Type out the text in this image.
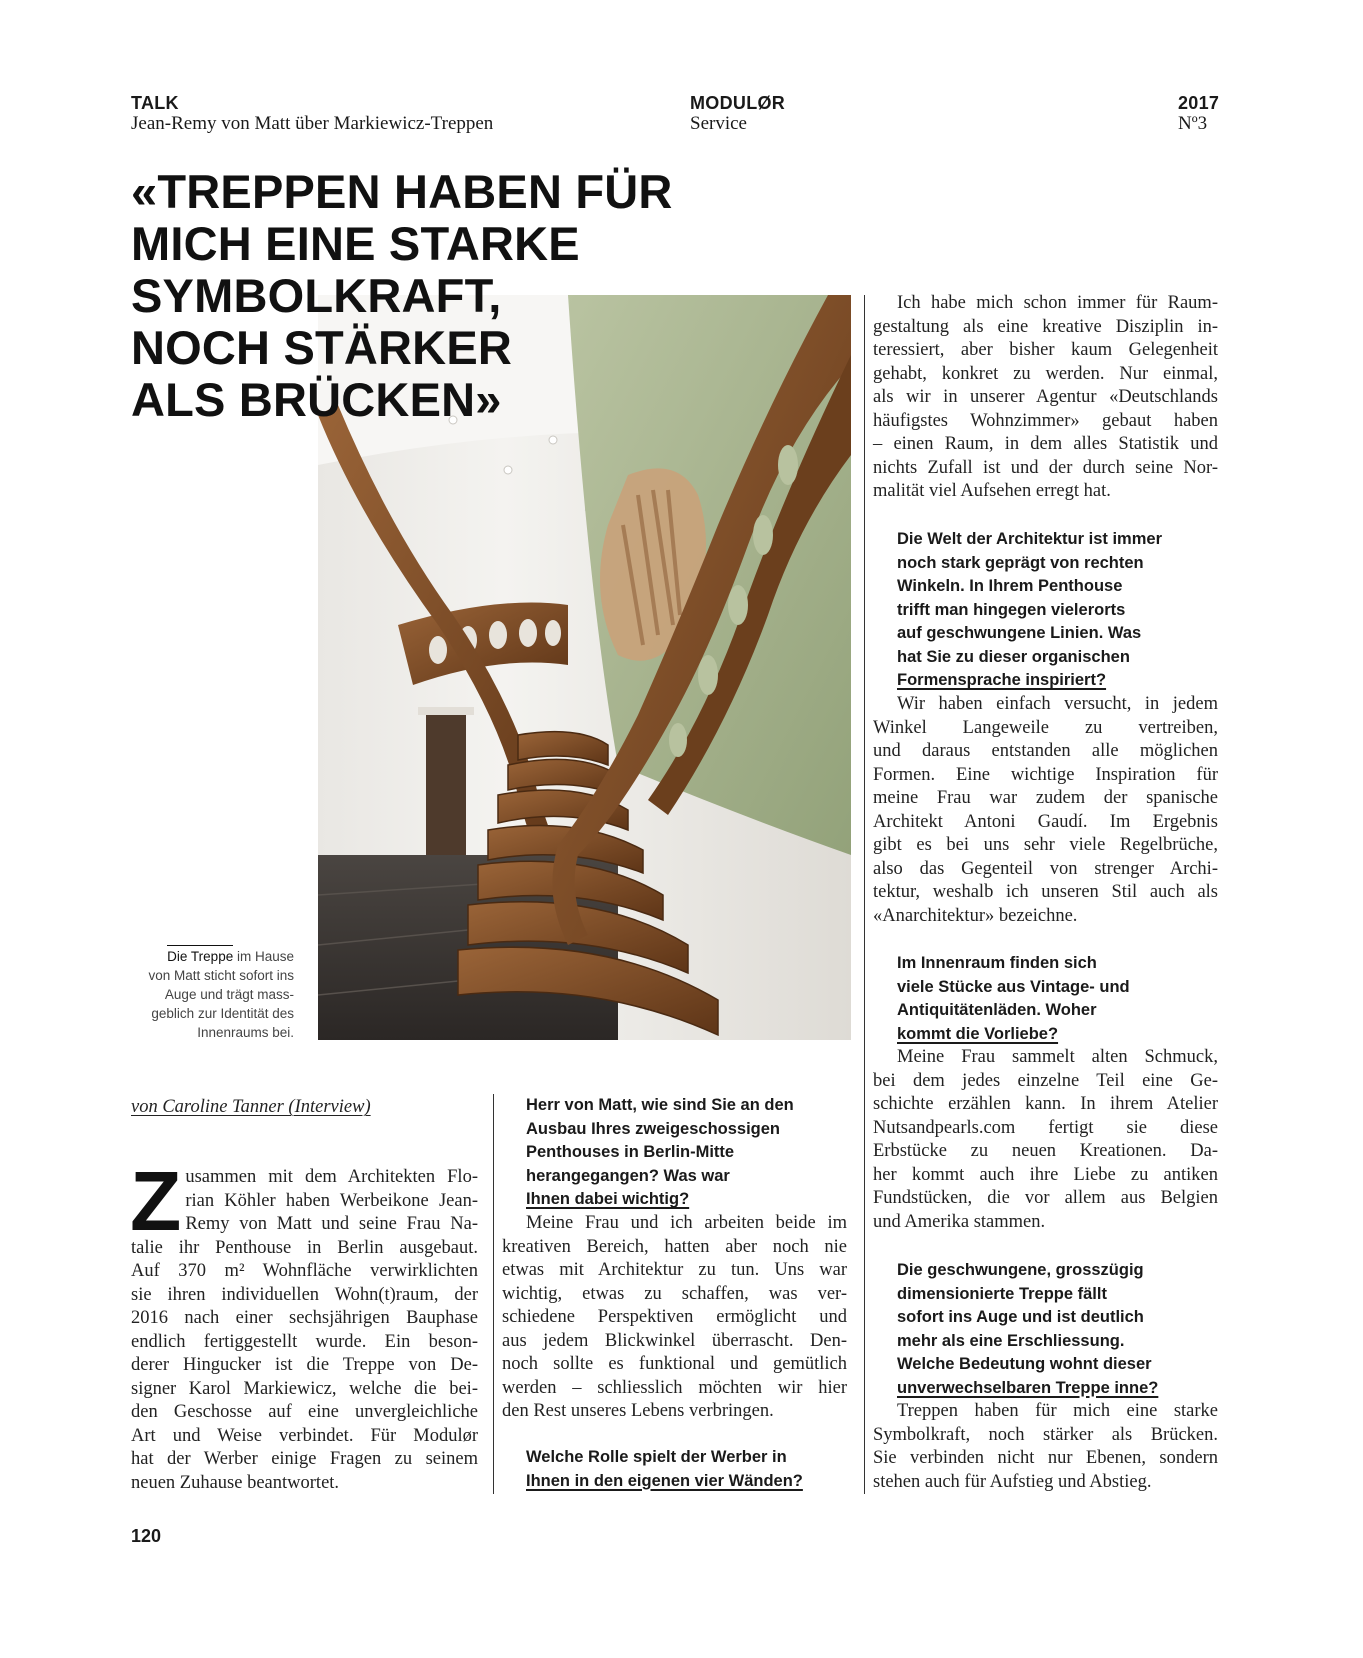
TALK
Jean-Remy von Matt über Markiewicz-Treppen
MODULØR
Service
2017
Nº3
«TREPPEN HABEN FÜR
MICH EINE STARKE
SYMBOLKRAFT,
NOCH STÄRKER
ALS BRÜCKEN»
Die Treppe im Hause
von Matt sticht sofort ins
Auge und trägt mass-
geblich zur Identität des
Innenraums bei.
von Caroline Tanner (Interview)
Z usammen mit dem Architekten Flo-
rian Köhler haben Werbeikone Jean-
Remy von Matt und seine Frau Na-
talie ihr Penthouse in Berlin ausgebaut.
Auf 370 m² Wohnfläche verwirklichten
sie ihren individuellen Wohn(t)raum, der
2016 nach einer sechsjährigen Bauphase
endlich fertiggestellt wurde. Ein beson-
derer Hingucker ist die Treppe von De-
signer Karol Markiewicz, welche die bei-
den Geschosse auf eine unvergleichliche
Art und Weise verbindet. Für Modulør
hat der Werber einige Fragen zu seinem
neuen Zuhause beantwortet.
Herr von Matt, wie sind Sie an den
Ausbau Ihres zweigeschossigen
Penthouses in Berlin-Mitte
herangegangen? Was war
Ihnen dabei wichtig?
Meine Frau und ich arbeiten beide im
kreativen Bereich, hatten aber noch nie
etwas mit Architektur zu tun. Uns war
wichtig, etwas zu schaffen, was ver-
schiedene Perspektiven ermöglicht und
aus jedem Blickwinkel überrascht. Den-
noch sollte es funktional und gemütlich
werden – schliesslich möchten wir hier
den Rest unseres Lebens verbringen.
Welche Rolle spielt der Werber in
Ihnen in den eigenen vier Wänden?
Ich habe mich schon immer für Raum-
gestaltung als eine kreative Disziplin in-
teressiert, aber bisher kaum Gelegenheit
gehabt, konkret zu werden. Nur einmal,
als wir in unserer Agentur «Deutschlands
häufigstes Wohnzimmer» gebaut haben
– einen Raum, in dem alles Statistik und
nichts Zufall ist und der durch seine Nor-
malität viel Aufsehen erregt hat.
Die Welt der Architektur ist immer
noch stark geprägt von rechten
Winkeln. In Ihrem Penthouse
trifft man hingegen vielerorts
auf geschwungene Linien. Was
hat Sie zu dieser organischen
Formensprache inspiriert?
Wir haben einfach versucht, in jedem
Winkel Langeweile zu vertreiben,
und daraus entstanden alle möglichen
Formen. Eine wichtige Inspiration für
meine Frau war zudem der spanische
Architekt Antoni Gaudí. Im Ergebnis
gibt es bei uns sehr viele Regelbrüche,
also das Gegenteil von strenger Archi-
tektur, weshalb ich unseren Stil auch als
«Anarchitektur» bezeichne.
Im Innenraum finden sich
viele Stücke aus Vintage- und
Antiquitätenläden. Woher
kommt die Vorliebe?
Meine Frau sammelt alten Schmuck,
bei dem jedes einzelne Teil eine Ge-
schichte erzählen kann. In ihrem Atelier
Nutsandpearls.com fertigt sie diese
Erbstücke zu neuen Kreationen. Da-
her kommt auch ihre Liebe zu antiken
Fundstücken, die vor allem aus Belgien
und Amerika stammen.
Die geschwungene, grosszügig
dimensionierte Treppe fällt
sofort ins Auge und ist deutlich
mehr als eine Erschliessung.
Welche Bedeutung wohnt dieser
unverwechselbaren Treppe inne?
Treppen haben für mich eine starke
Symbolkraft, noch stärker als Brücken.
Sie verbinden nicht nur Ebenen, sondern
stehen auch für Aufstieg und Abstieg.
120
